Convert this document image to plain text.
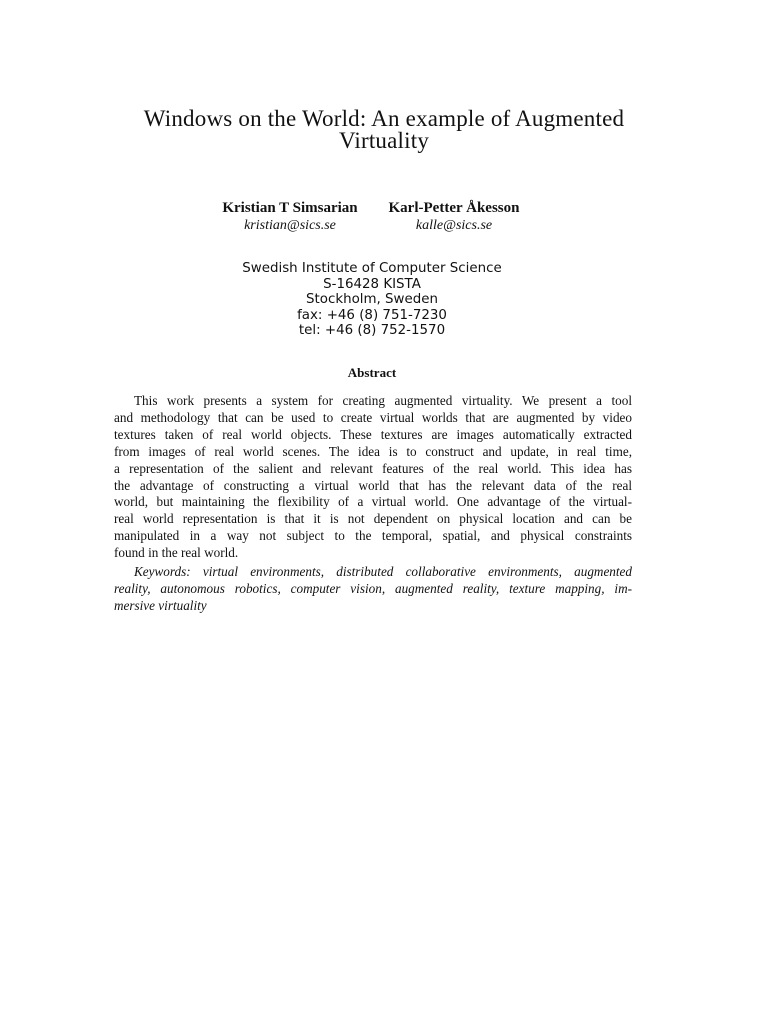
Windows on the World: An example of Augmented
Virtuality
Kristian T Simsarian
kristian@sics.se
Karl-Petter Åkesson
kalle@sics.se
Swedish Institute of Computer Science
S-16428 KISTA
Stockholm, Sweden
fax: +46 (8) 751-7230
tel: +46 (8) 752-1570
Abstract
This work presents a system for creating augmented virtuality. We present a tool
and methodology that can be used to create virtual worlds that are augmented by video
textures taken of real world objects. These textures are images automatically extracted
from images of real world scenes. The idea is to construct and update, in real time,
a representation of the salient and relevant features of the real world. This idea has
the advantage of constructing a virtual world that has the relevant data of the real
world, but maintaining the flexibility of a virtual world. One advantage of the virtual-
real world representation is that it is not dependent on physical location and can be
manipulated in a way not subject to the temporal, spatial, and physical constraints
found in the real world.
Keywords: virtual environments, distributed collaborative environments, augmented
reality, autonomous robotics, computer vision, augmented reality, texture mapping, im-
mersive virtuality
